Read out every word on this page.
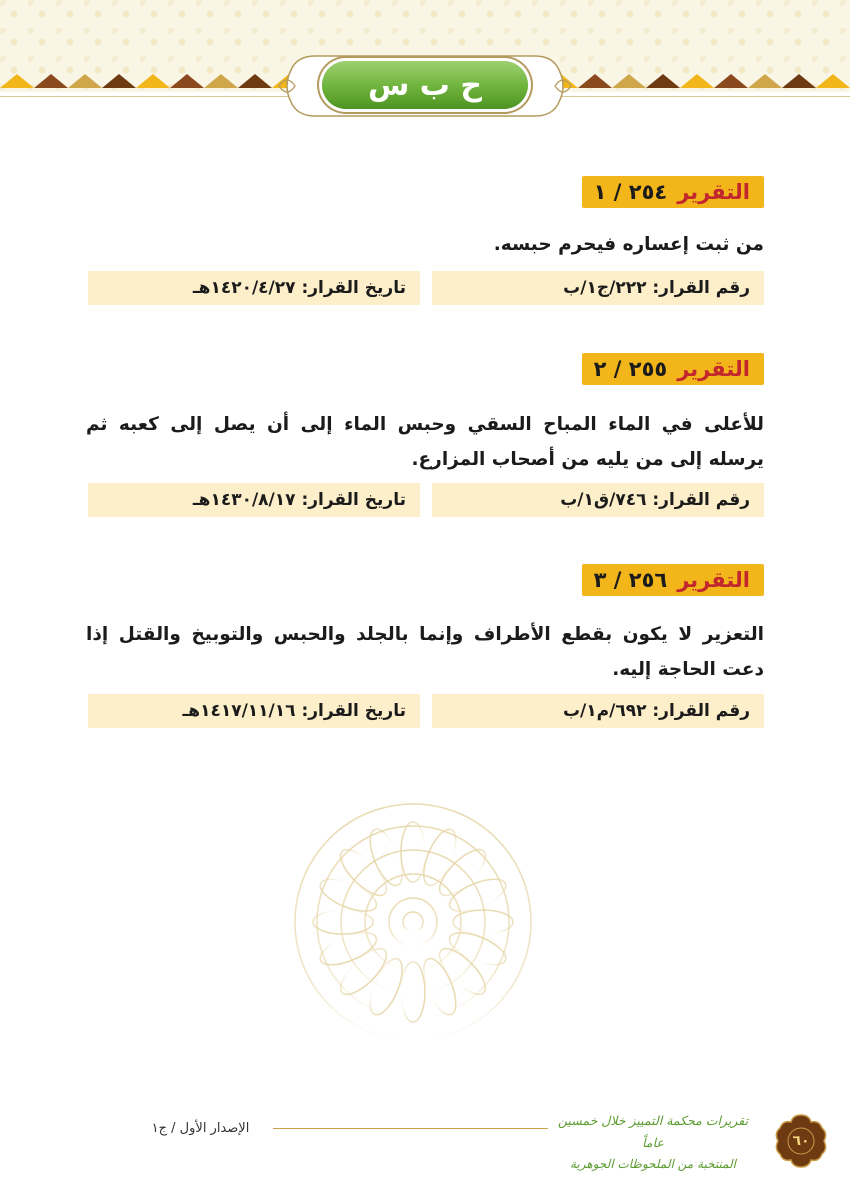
ح ب س
التقرير
٢٥٤ / ١
من ثبت إعساره فيحرم حبسه.
رقم القرار: ٢٢٢/ج١/ب
تاريخ القرار: ١٤٢٠/٤/٢٧هـ
التقرير
٢٥٥ / ٢
للأعلى في الماء المباح السقي وحبس الماء إلى أن يصل إلى كعبه ثم يرسله إلى من يليه من أصحاب المزارع.
رقم القرار: ٧٤٦/ق١/ب
تاريخ القرار: ١٤٣٠/٨/١٧هـ
التقرير
٢٥٦ / ٣
التعزير لا يكون بقطع الأطراف وإنما بالجلد والحبس والتوبيخ والقتل إذا دعت الحاجة إليه.
رقم القرار: ٦٩٢/م١/ب
تاريخ القرار: ١٤١٧/١١/١٦هـ
الإصدار الأول / ج١	تقريرات محكمة التمييز خلال خمسين عاماً
المنتخبة من الملحوظات الجوهرية
٦٠
